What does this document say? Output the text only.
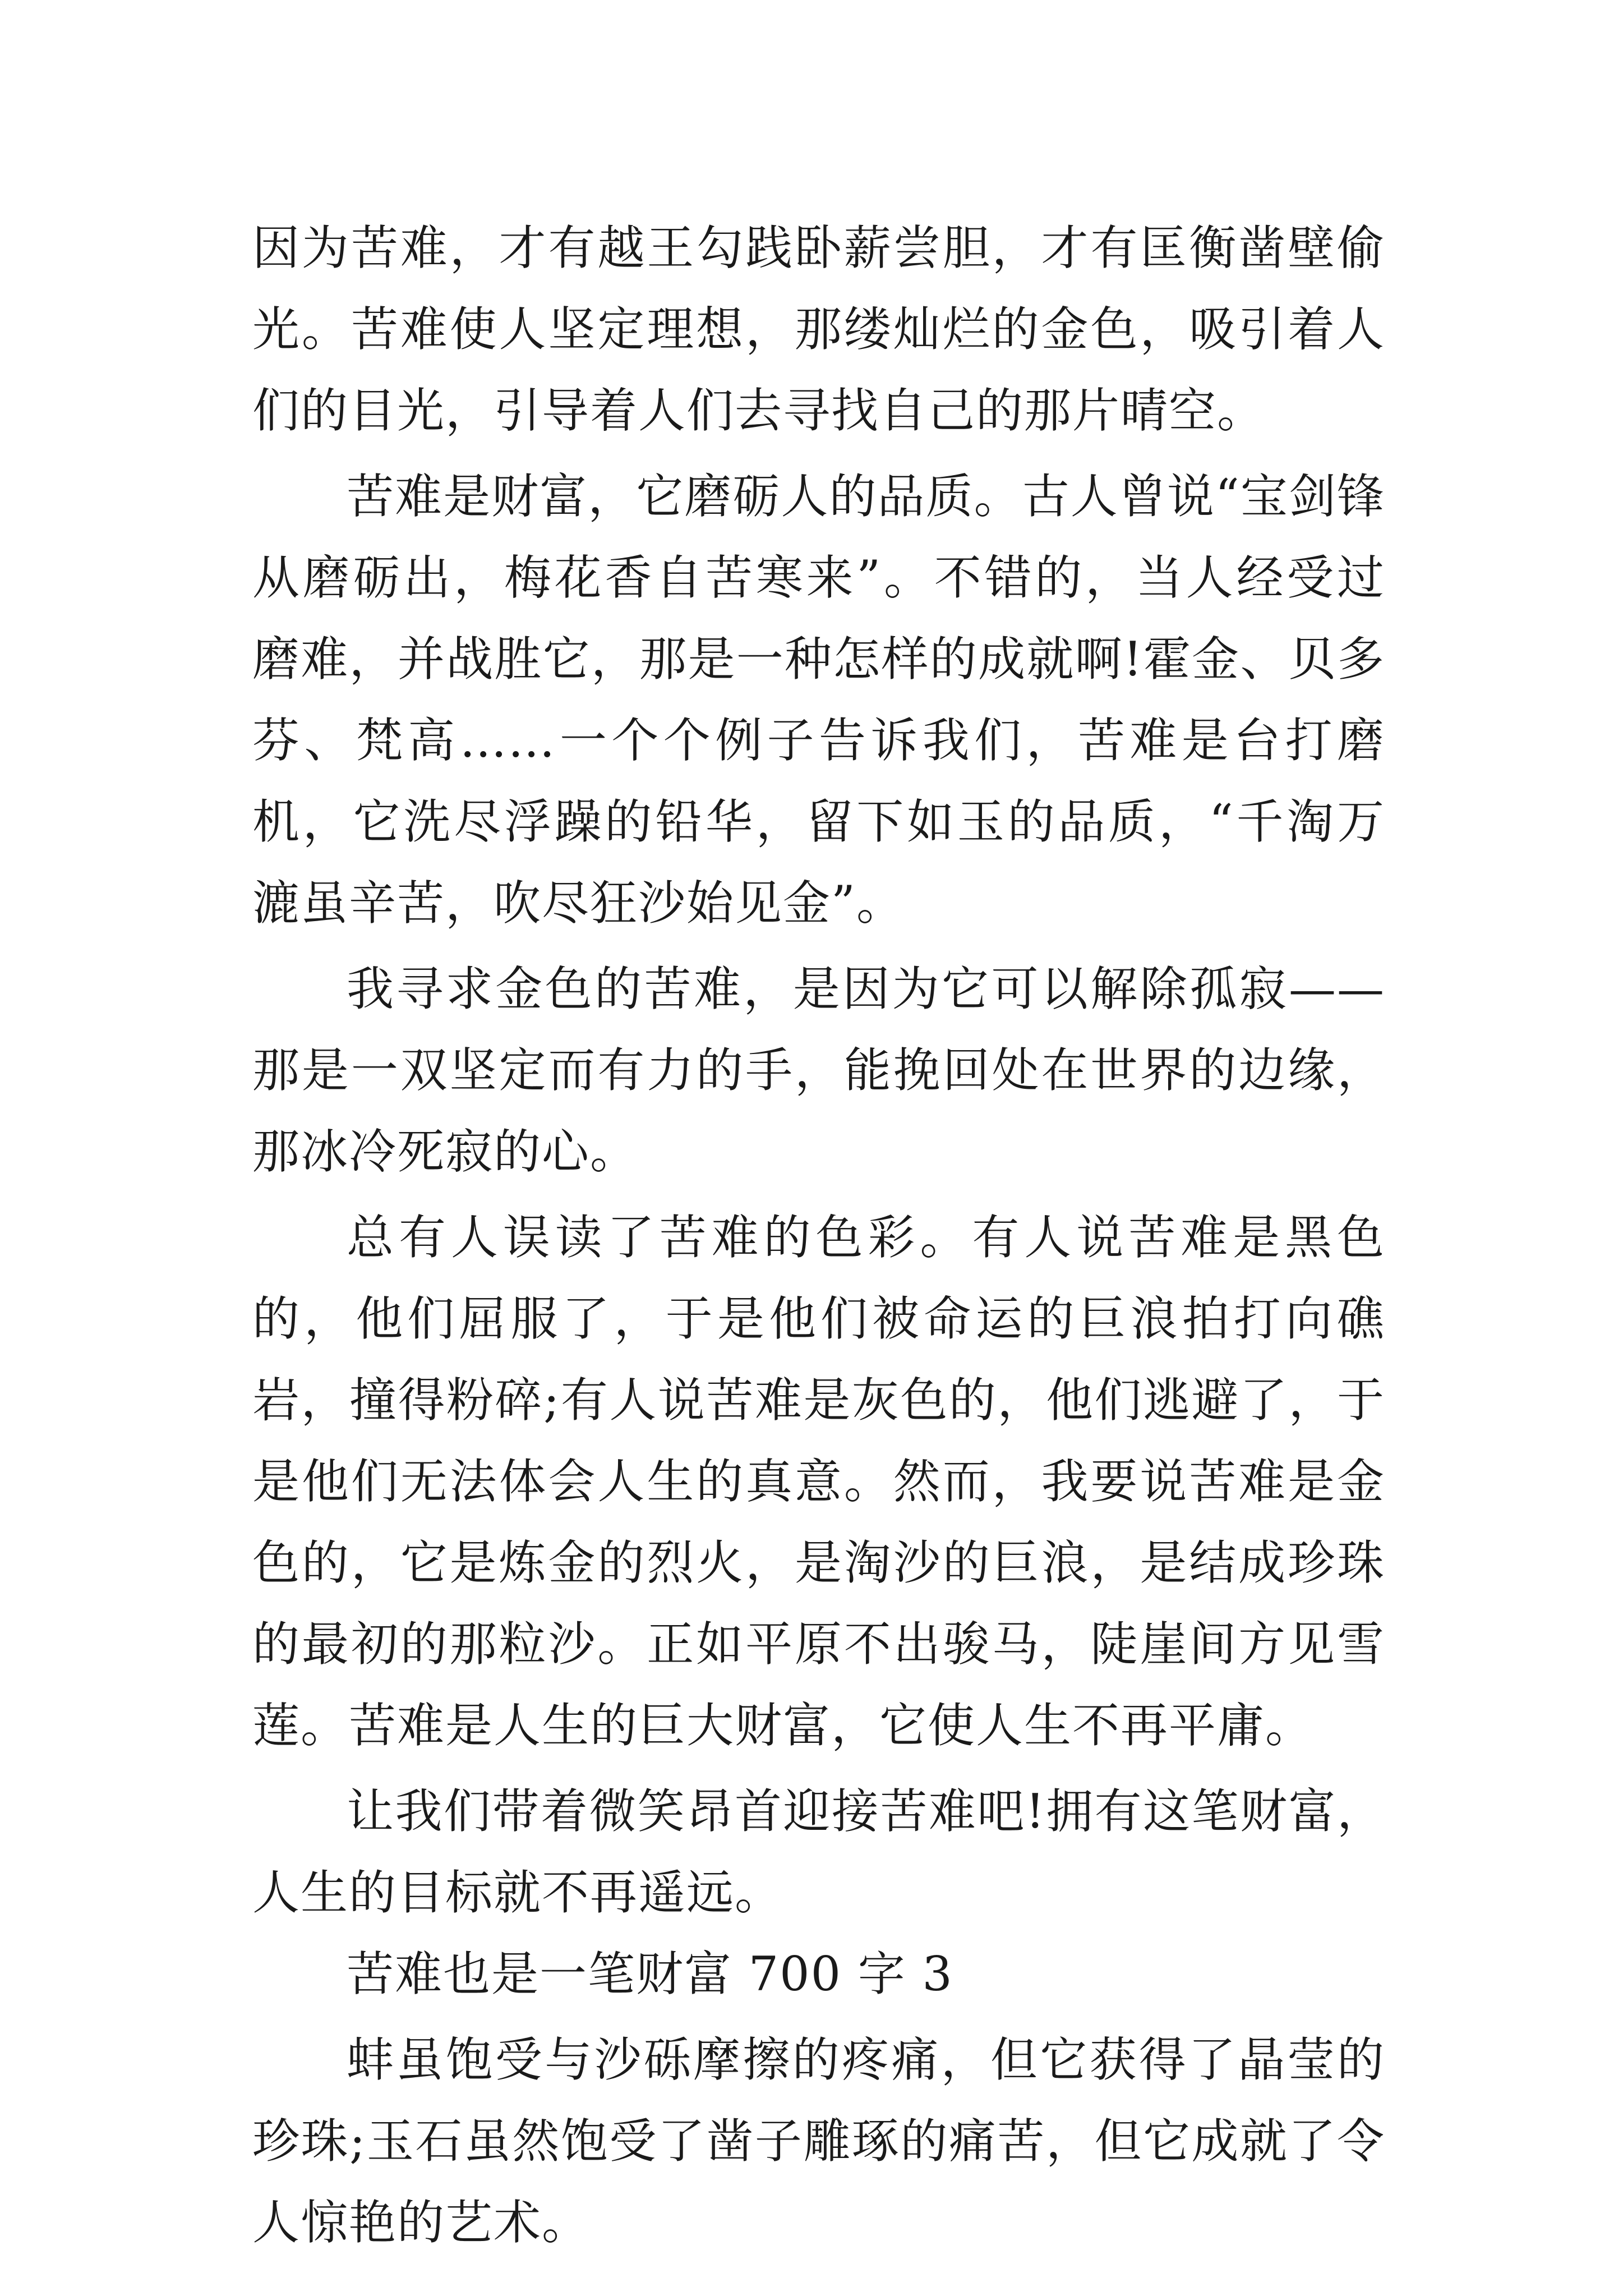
因为苦难，才有越王勾践卧薪尝胆，才有匡衡凿壁偷光。苦难使人坚定理想，那缕灿烂的金色，吸引着人们的目光，引导着人们去寻找自己的那片晴空。

苦难是财富，它磨砺人的品质。古人曾说“宝剑锋从磨砺出，梅花香自苦寒来”。不错的，当人经受过磨难，并战胜它，那是一种怎样的成就啊!霍金、贝多芬、梵高……一个个例子告诉我们，苦难是台打磨机，它洗尽浮躁的铅华，留下如玉的品质，“千淘万漉虽辛苦，吹尽狂沙始见金”。

我寻求金色的苦难，是因为它可以解除孤寂——那是一双坚定而有力的手，能挽回处在世界的边缘，那冰冷死寂的心。

总有人误读了苦难的色彩。有人说苦难是黑色的，他们屈服了，于是他们被命运的巨浪拍打向礁岩，撞得粉碎;有人说苦难是灰色的，他们逃避了，于是他们无法体会人生的真意。然而，我要说苦难是金色的，它是炼金的烈火，是淘沙的巨浪，是结成珍珠的最初的那粒沙。正如平原不出骏马，陡崖间方见雪莲。苦难是人生的巨大财富，它使人生不再平庸。

让我们带着微笑昂首迎接苦难吧!拥有这笔财富，人生的目标就不再遥远。

苦难也是一笔财富 700 字 3

蚌虽饱受与沙砾摩擦的疼痛，但它获得了晶莹的珍珠;玉石虽然饱受了凿子雕琢的痛苦，但它成就了令人惊艳的艺术。
